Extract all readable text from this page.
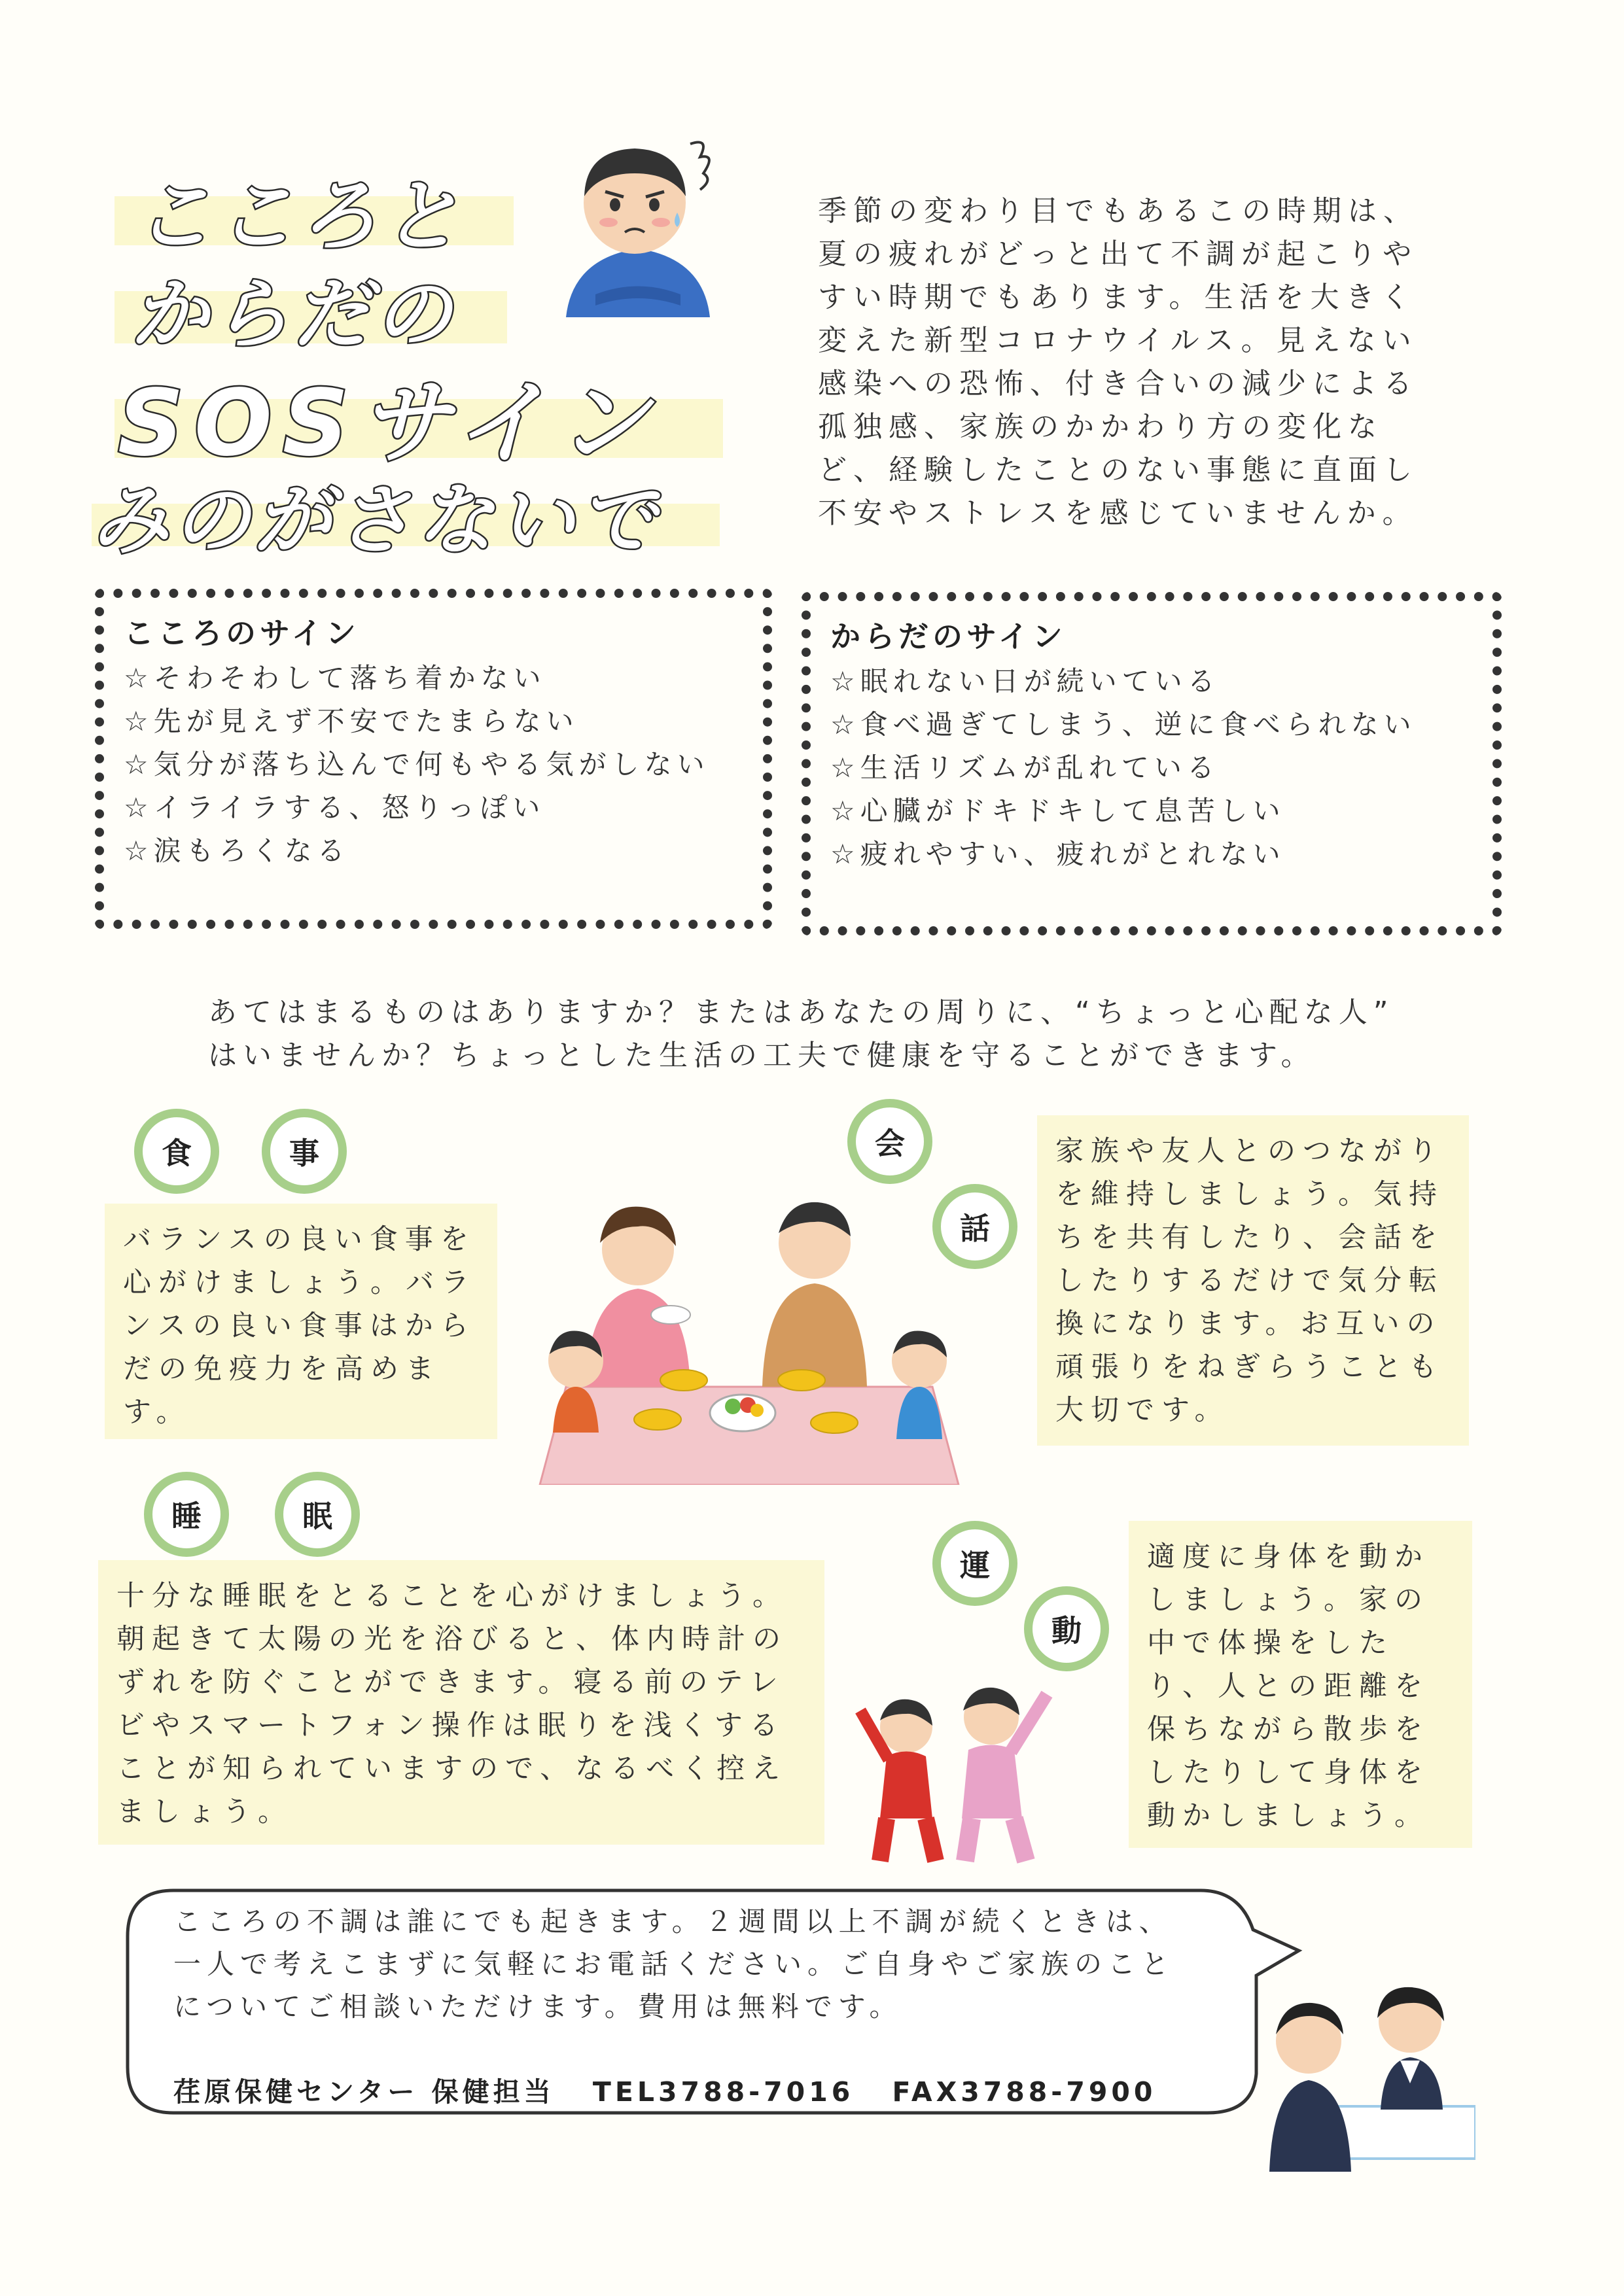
こころと
からだの
SOSサイン
みのがさないで
季節の変わり目でもあるこの時期は、夏の疲れがどっと出て不調が起こりやすい時期でもあります。生活を大きく変えた新型コロナウイルス。見えない感染への恐怖、付き合いの減少による孤独感、家族のかかわり方の変化など、経験したことのない事態に直面し不安やストレスを感じていませんか。
こころのサイン
☆そわそわして落ち着かない
☆先が見えず不安でたまらない
☆気分が落ち込んで何もやる気がしない
☆イライラする、怒りっぽい
☆涙もろくなる
からだのサイン
☆眠れない日が続いている
☆食べ過ぎてしまう、逆に食べられない
☆生活リズムが乱れている
☆心臓がドキドキして息苦しい
☆疲れやすい、疲れがとれない
あてはまるものはありますか？またはあなたの周りに、“ちょっと心配な人”
はいませんか？ちょっとした生活の工夫で健康を守ることができます。
食	事
バランスの良い食事を心がけましょう。バランスの良い食事はからだの免疫力を高めます。
会
話
家族や友人とのつながりを維持しましょう。気持ちを共有したり、会話をしたりするだけで気分転換になります。お互いの頑張りをねぎらうことも大切です。
睡	眠
十分な睡眠をとることを心がけましょう。朝起きて太陽の光を浴びると、体内時計のずれを防ぐことができます。寝る前のテレビやスマートフォン操作は眠りを浅くすることが知られていますので、なるべく控えましょう。
運
動
適度に身体を動かしましょう。家の中で体操をしたり、人との距離を保ちながら散歩をしたりして身体を動かしましょう。
こころの不調は誰にでも起きます。２週間以上不調が続くときは、一人で考えこまずに気軽にお電話ください。ご自身やご家族のことについてご相談いただけます。費用は無料です。
荏原保健センター 保健担当 TEL3788-7016 FAX3788-7900
